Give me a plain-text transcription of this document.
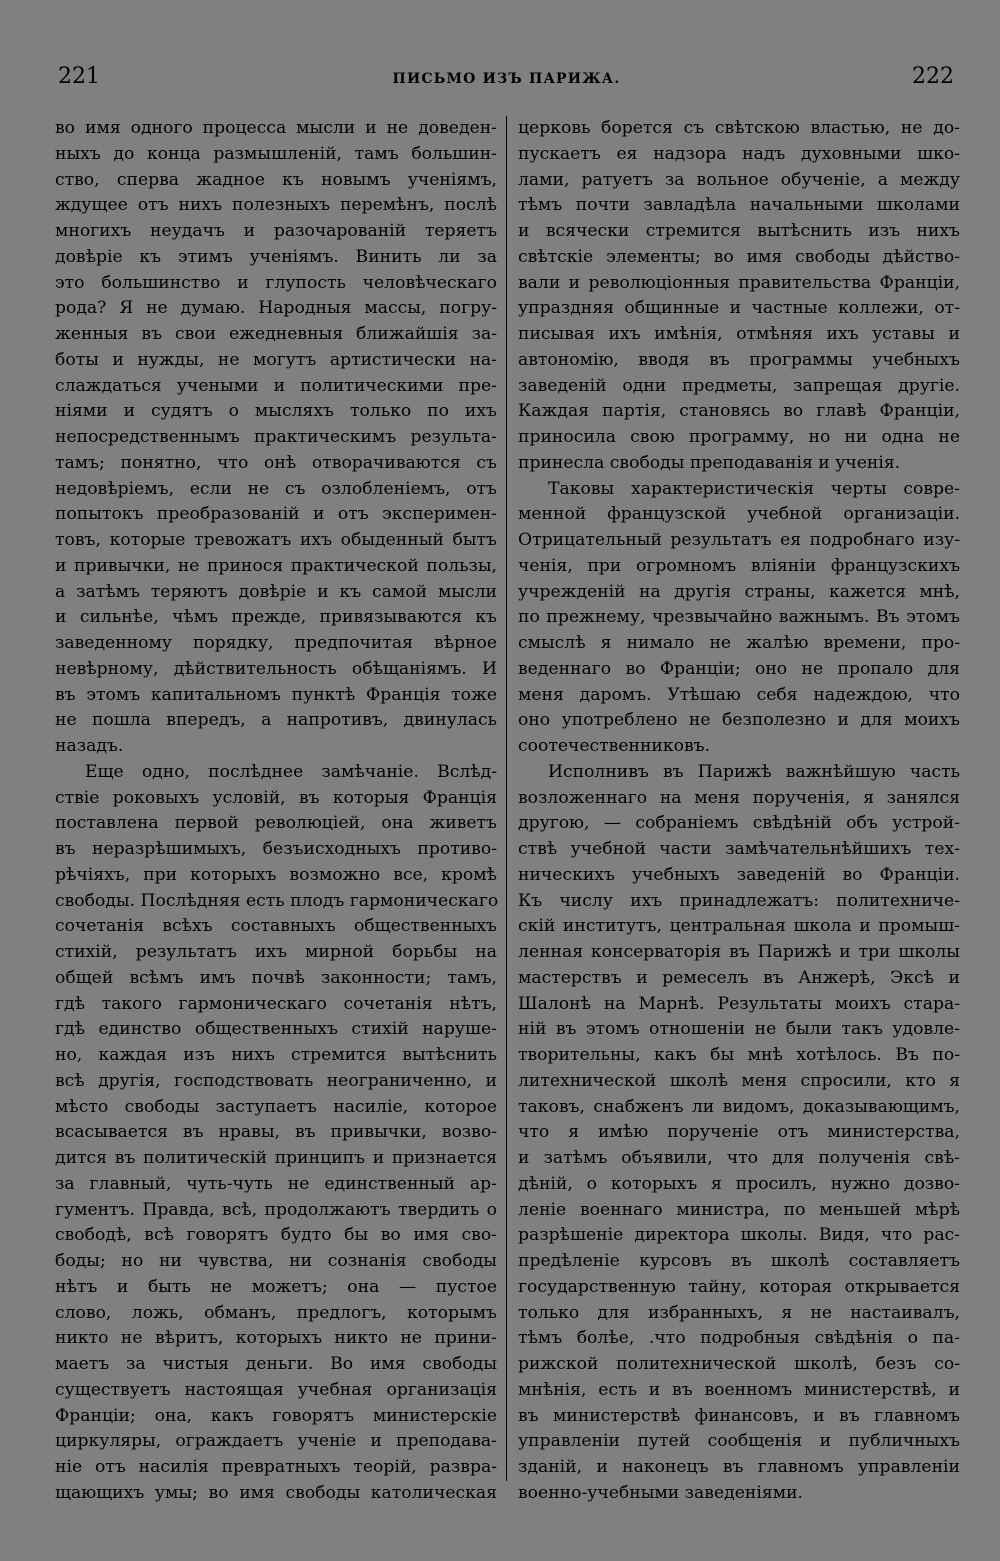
221	ПИСЬМО ИЗЪ ПАРИЖА.	222
во имя одного процесса мысли и не доведен-
ныхъ до конца размышленій, тамъ большин-
ство, сперва жадное къ новымъ ученіямъ,
ждущее отъ нихъ полезныхъ перемѣнъ, послѣ
многихъ неудачъ и разочарованій теряетъ
довѣріе къ этимъ ученіямъ. Винить ли за
это большинство и глупость человѣческаго
рода? Я не думаю. Народныя массы, погру-
женныя въ свои ежедневныя ближайшія за-
боты и нужды, не могутъ артистически на-
слаждаться учеными и политическими пре-
ніями и судятъ о мысляхъ только по ихъ
непосредственнымъ практическимъ результа-
тамъ; понятно, что онѣ отворачиваются съ
недовѣріемъ, если не съ озлобленіемъ, отъ
попытокъ преобразованій и отъ эксперимен-
товъ, которые тревожатъ ихъ обыденный бытъ
и привычки, не принося практической пользы,
а затѣмъ теряютъ довѣріе и къ самой мысли
и сильнѣе, чѣмъ прежде, привязываются къ
заведенному порядку, предпочитая вѣрное
невѣрному, дѣйствительность обѣщаніямъ. И
въ этомъ капитальномъ пунктѣ Франція тоже
не пошла впередъ, а напротивъ, двинулась
назадъ.
Еще одно, послѣднее замѣчаніе. Вслѣд-
ствіе роковыхъ условій, въ которыя Франція
поставлена первой революціей, она живетъ
въ неразрѣшимыхъ, безъисходныхъ противо-
рѣчіяхъ, при которыхъ возможно все, кромѣ
свободы. Послѣдняя есть плодъ гармоническаго
сочетанія всѣхъ составныхъ общественныхъ
стихій, результатъ ихъ мирной борьбы на
общей всѣмъ имъ почвѣ законности; тамъ,
гдѣ такого гармоническаго сочетанія нѣтъ,
гдѣ единство общественныхъ стихій наруше-
но, каждая изъ нихъ стремится вытѣснить
всѣ другія, господствовать неограниченно, и
мѣсто свободы заступаетъ насиліе, которое
всасывается въ нравы, въ привычки, возво-
дится въ политическій принципъ и признается
за главный, чуть-чуть не единственный ар-
гументъ. Правда, всѣ, продолжаютъ твердить о
свободѣ, всѣ говорятъ будто бы во имя сво-
боды; но ни чувства, ни сознанія свободы
нѣтъ и быть не можетъ; она — пустое
слово, ложь, обманъ, предлогъ, которымъ
никто не вѣритъ, которыхъ никто не прини-
маетъ за чистыя деньги. Во имя свободы
существуетъ настоящая учебная организація
Франціи; она, какъ говорятъ министерскіе
циркуляры, ограждаетъ ученіе и преподава-
ніе отъ насилія превратныхъ теорій, развра-
щающихъ умы; во имя свободы католическая
церковь борется съ свѣтскою властью, не до-
пускаетъ ея надзора надъ духовными шко-
лами, ратуетъ за вольное обученіе, а между
тѣмъ почти завладѣла начальными школами
и всячески стремится вытѣснить изъ нихъ
свѣтскіе элементы; во имя свободы дѣйство-
вали и революціонныя правительства Франціи,
упраздняя общинные и частные коллежи, от-
писывая ихъ имѣнія, отмѣняя ихъ уставы и
автономію, вводя въ программы учебныхъ
заведеній одни предметы, запрещая другіе.
Каждая партія, становясь во главѣ Франціи,
приносила свою программу, но ни одна не
принесла свободы преподаванія и ученія.
Таковы характеристическія черты совре-
менной французской учебной организаціи.
Отрицательный результатъ ея подробнаго изу-
ченія, при огромномъ вліяніи французскихъ
учрежденій на другія страны, кажется мнѣ,
по прежнему, чрезвычайно важнымъ. Въ этомъ
смыслѣ я нимало не жалѣю времени, про-
веденнаго во Франціи; оно не пропало для
меня даромъ. Утѣшаю себя надеждою, что
оно употреблено не безполезно и для моихъ
соотечественниковъ.
Исполнивъ въ Парижѣ важнѣйшую часть
возложеннаго на меня порученія, я занялся
другою, — собраніемъ свѣдѣній объ устрой-
ствѣ учебной части замѣчательнѣйшихъ тех-
ническихъ учебныхъ заведеній во Франціи.
Къ числу ихъ принадлежатъ: политехниче-
скій институтъ, центральная школа и промыш-
ленная консерваторія въ Парижѣ и три школы
мастерствъ и ремеселъ въ Анжерѣ, Эксѣ и
Шалонѣ на Марнѣ. Результаты моихъ стара-
ній въ этомъ отношеніи не были такъ удовле-
творительны, какъ бы мнѣ хотѣлось. Въ по-
литехнической школѣ меня спросили, кто я
таковъ, снабженъ ли видомъ, доказывающимъ,
что я имѣю порученіе отъ министерства,
и затѣмъ объявили, что для полученія свѣ-
дѣній, о которыхъ я просилъ, нужно дозво-
леніе военнаго министра, по меньшей мѣрѣ
разрѣшеніе директора школы. Видя, что рас-
предѣленіе курсовъ въ школѣ составляетъ
государственную тайну, которая открывается
только для избранныхъ, я не настаивалъ,
тѣмъ болѣе, .что подробныя свѣдѣнія о па-
рижской политехнической школѣ, безъ со-
мнѣнія, есть и въ военномъ министерствѣ, и
въ министерствѣ финансовъ, и въ главномъ
управленіи путей сообщенія и публичныхъ
зданій, и наконецъ въ главномъ управленіи
военно-учебными заведеніями.
